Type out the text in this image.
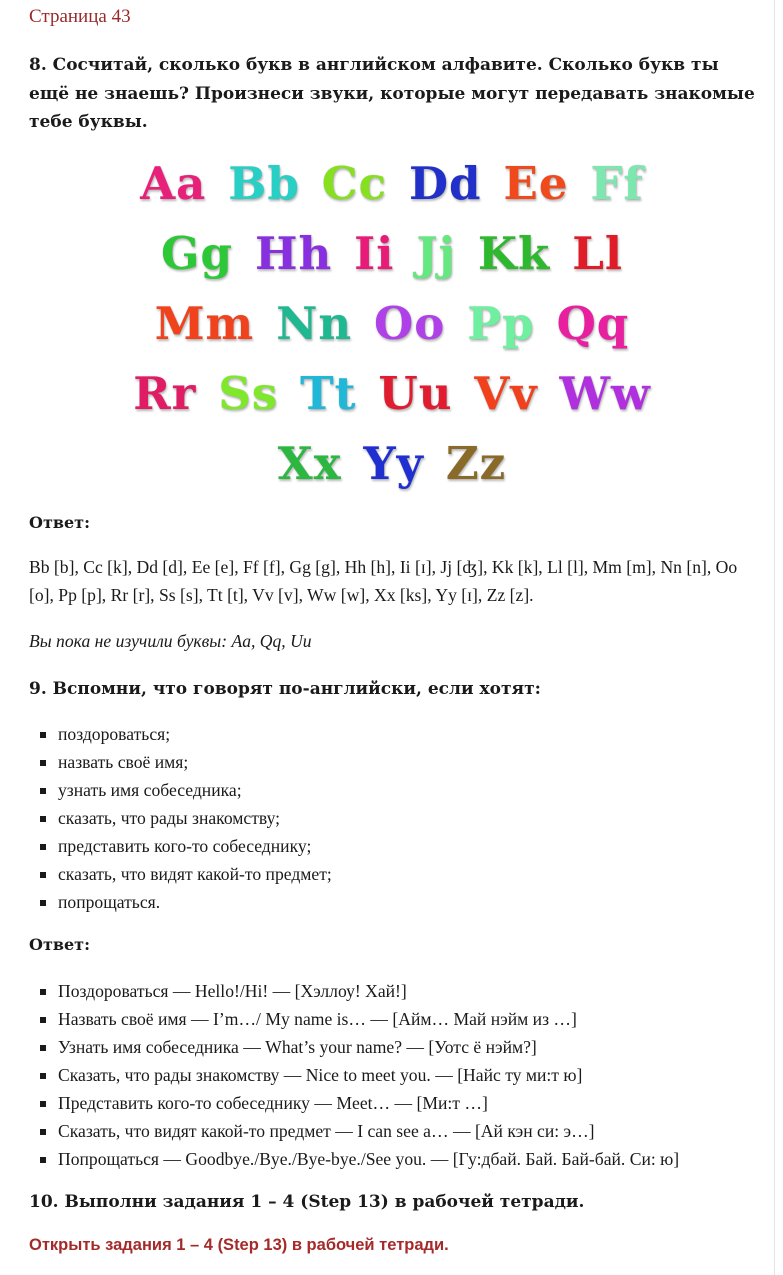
Страница 43
8. Сосчитай, сколько букв в английском алфавите. Сколько букв ты ещё не знаешь? Произнеси звуки, которые могут передавать знакомые тебе буквы.
Aa Bb Cc Dd Ee Ff
Gg Hh Ii Jj Kk Ll
Mm Nn Oo Pp Qq
Rr Ss Tt Uu Vv Ww
Xx Yy Zz
Ответ:
Bb [b], Cc [k], Dd [d], Ee [e], Ff [f], Gg [g], Hh [h], Ii [ɪ], Jj [ʤ], Kk [k], Ll [l], Mm [m], Nn [n], Oo [o], Pp [p], Rr [r], Ss [s], Tt [t], Vv [v], Ww [w], Xx [ks], Yy [ɪ], Zz [z].
Вы пока не изучили буквы: Aa, Qq, Uu
9. Вспомни, что говорят по-английски, если хотят:
поздороваться;
назвать своё имя;
узнать имя собеседника;
сказать, что рады знакомству;
представить кого-то собеседнику;
сказать, что видят какой-то предмет;
попрощаться.
Ответ:
Поздороваться — Hello!/Hi! — [Хэллоу! Хай!]
Назвать своё имя — I’m…/ My name is… — [Айм… Май нэйм из …]
Узнать имя собеседника — What’s your name? — [Уотс ё нэйм?]
Сказать, что рады знакомству — Nice to meet you. — [Найс ту ми:т ю]
Представить кого-то собеседнику — Meet… — [Ми:т …]
Сказать, что видят какой-то предмет — I can see a… — [Ай кэн си: э…]
Попрощаться — Goodbye./Bye./Bye-bye./See you. — [Гу:дбай. Бай. Бай-бай. Си: ю]
10. Выполни задания 1 – 4 (Step 13) в рабочей тетради.
Открыть задания 1 – 4 (Step 13) в рабочей тетради.
